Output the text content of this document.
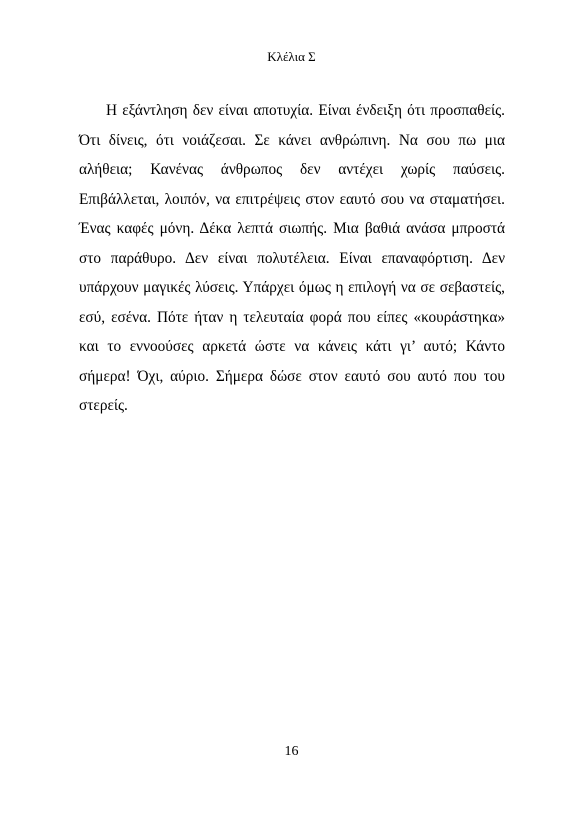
Κλέλια Σ

Η εξάντληση δεν είναι αποτυχία. Είναι ένδειξη ότι προσπαθείς. Ότι δίνεις, ότι νοιάζεσαι. Σε κάνει ανθρώπινη. Να σου πω μια αλήθεια; Κανένας άνθρωπος δεν αντέχει χωρίς παύσεις. Επιβάλλεται, λοιπόν, να επιτρέψεις στον εαυτό σου να σταματήσει. Ένας καφές μόνη. Δέκα λεπτά σιωπής. Μια βαθιά ανάσα μπροστά στο παράθυρο. Δεν είναι πολυτέλεια. Είναι επαναφόρτιση. Δεν υπάρχουν μαγικές λύσεις. Υπάρχει όμως η επιλογή να σε σεβαστείς, εσύ, εσένα. Πότε ήταν η τελευταία φορά που είπες «κουράστηκα» και το εννοούσες αρκετά ώστε να κάνεις κάτι γι’ αυτό; Κάντο σήμερα! Όχι, αύριο. Σήμερα δώσε στον εαυτό σου αυτό που του στερείς.

16
